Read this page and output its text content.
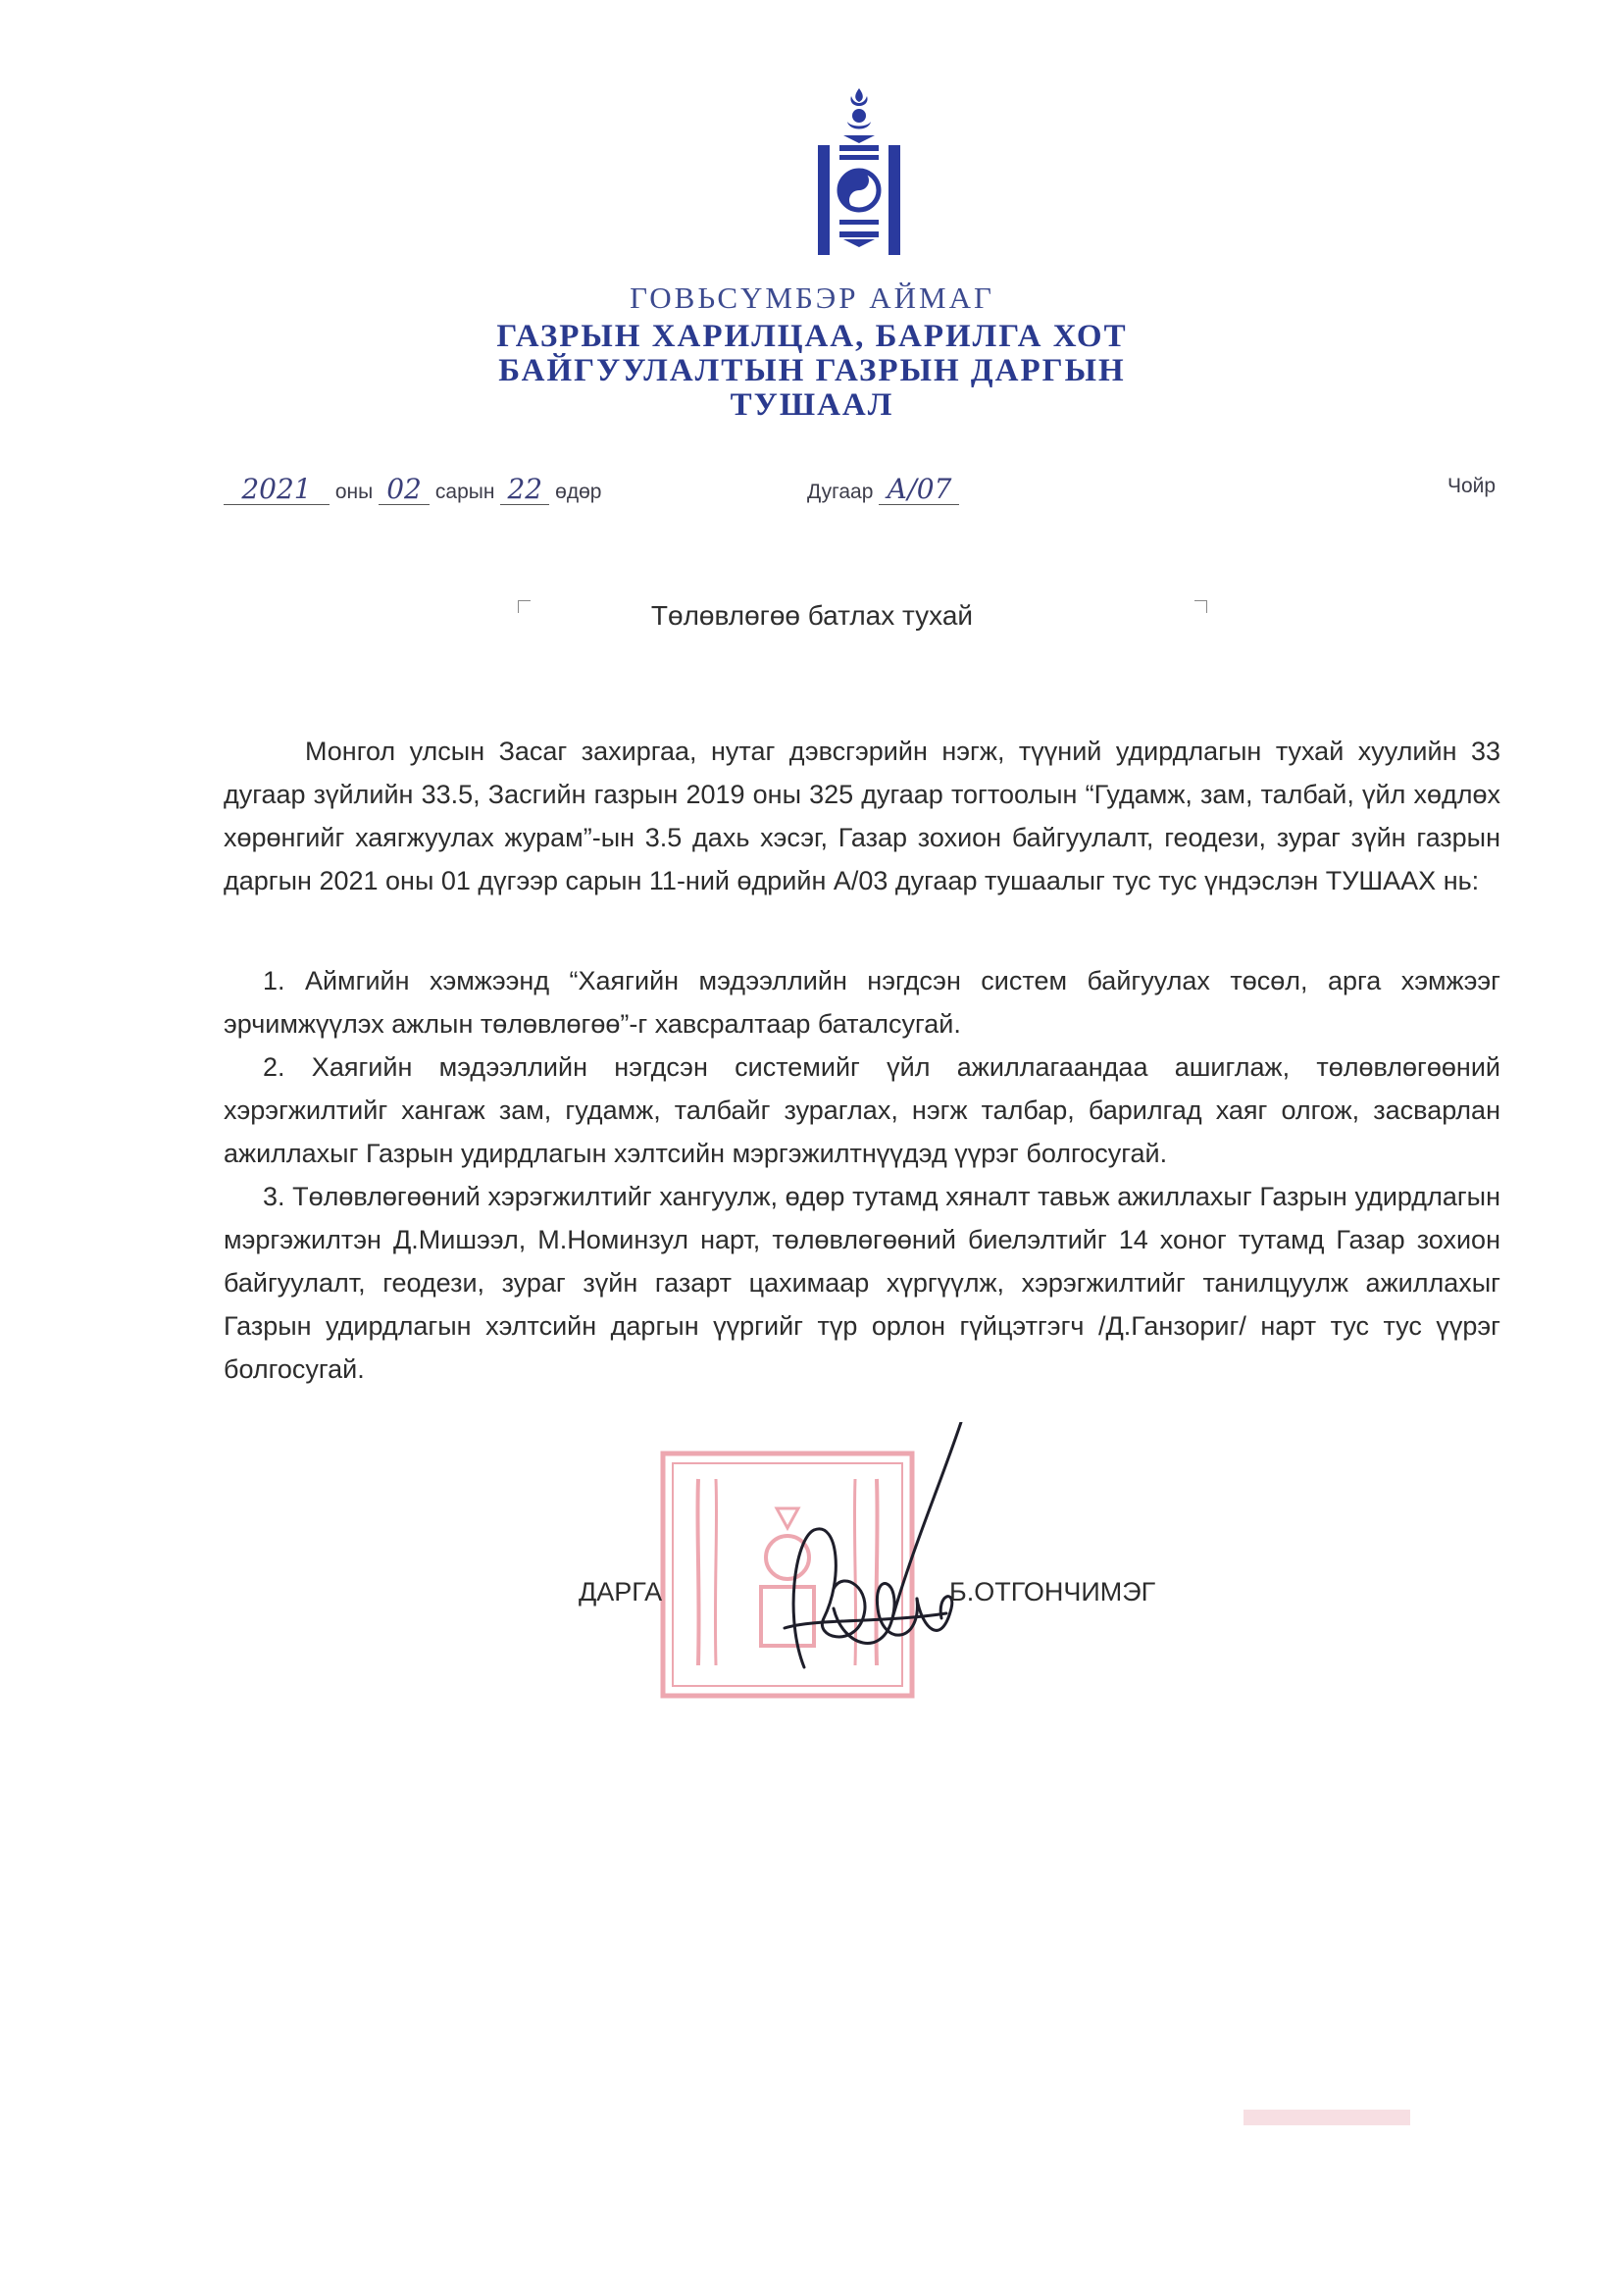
ГОВЬСҮМБЭР АЙМАГ
ГАЗРЫН ХАРИЛЦАА, БАРИЛГА ХОТ
БАЙГУУЛАЛТЫН ГАЗРЫН ДАРГЫН
ТУШААЛ
2021 оны 02 сарын 22 өдөр	Дугаар А/07	Чойр
Төлөвлөгөө батлах тухай
Монгол улсын Засаг захиргаа, нутаг дэвсгэрийн нэгж, түүний удирдлагын тухай хуулийн 33 дугаар зүйлийн 33.5, Засгийн газрын 2019 оны 325 дугаар тогтоолын “Гудамж, зам, талбай, үйл хөдлөх хөрөнгийг хаягжуулах журам”-ын 3.5 дахь хэсэг, Газар зохион байгуулалт, геодези, зураг зүйн газрын даргын 2021 оны 01 дүгээр сарын 11-ний өдрийн А/03 дугаар тушаалыг тус тус үндэслэн ТУШААХ нь:

1. Аймгийн хэмжээнд “Хаягийн мэдээллийн нэгдсэн систем байгуулах төсөл, арга хэмжээг эрчимжүүлэх ажлын төлөвлөгөө”-г хавсралтаар баталсугай.

2. Хаягийн мэдээллийн нэгдсэн системийг үйл ажиллагаандаа ашиглаж, төлөвлөгөөний хэрэгжилтийг хангаж зам, гудамж, талбайг зураглах, нэгж талбар, барилгад хаяг олгож, засварлан ажиллахыг Газрын удирдлагын хэлтсийн мэргэжилтнүүдэд үүрэг болгосугай.

3. Төлөвлөгөөний хэрэгжилтийг хангуулж, өдөр тутамд хяналт тавьж ажиллахыг Газрын удирдлагын мэргэжилтэн Д.Мишээл, М.Номинзул нарт, төлөвлөгөөний биелэлтийг 14 хоног тутамд Газар зохион байгуулалт, геодези, зураг зүйн газарт цахимаар хүргүүлж, хэрэгжилтийг танилцуулж ажиллахыг Газрын удирдлагын хэлтсийн даргын үүргийг түр орлон гүйцэтгэгч /Д.Ганзориг/ нарт тус тус үүрэг болгосугай.

ДАРГА	Б.ОТГОНЧИМЭГ
